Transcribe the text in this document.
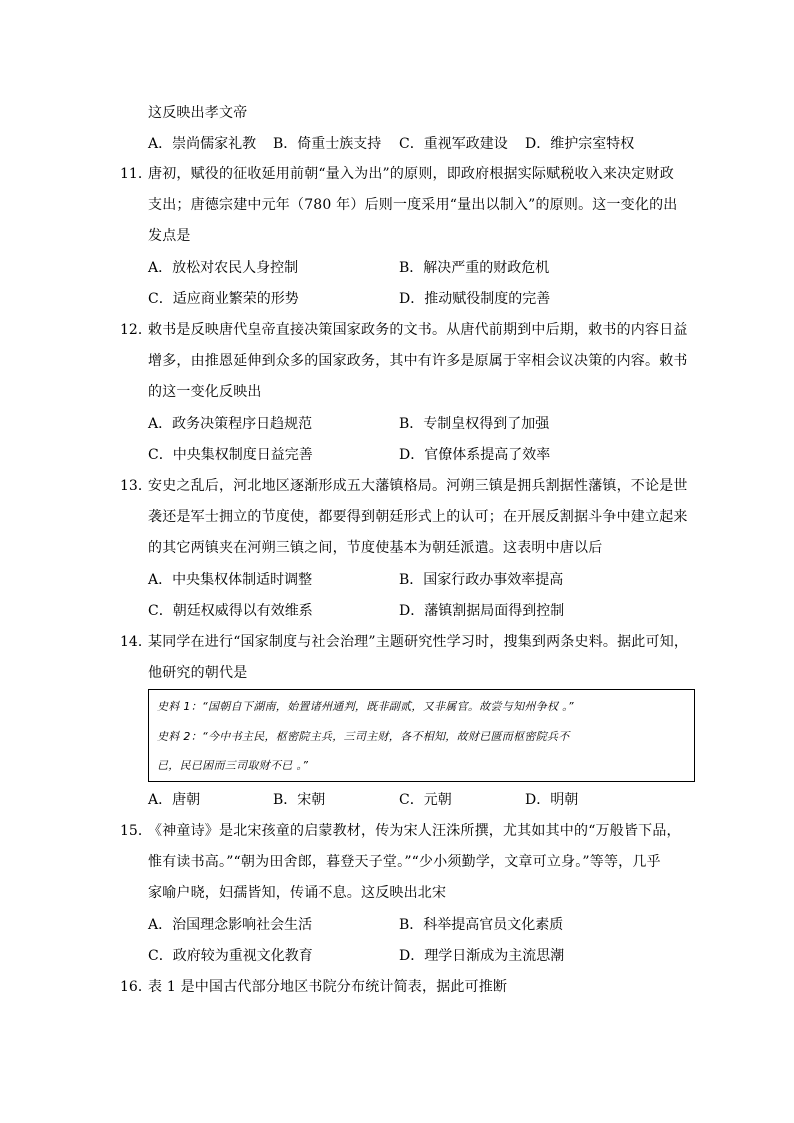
这反映出孝文帝
A．崇尚儒家礼教 B．倚重士族支持 C．重视军政建设 D．维护宗室特权
11．
唐初，赋役的征收延用前朝“量入为出”的原则，即政府根据实际赋税收入来决定财政
支出；唐德宗建中元年（780 年）后则一度采用“量出以制入”的原则。这一变化的出
发点是
A．放松对农民人身控制	B．解决严重的财政危机
C．适应商业繁荣的形势	D．推动赋役制度的完善
12．
敕书是反映唐代皇帝直接决策国家政务的文书。从唐代前期到中后期，敕书的内容日益
增多，由推恩延伸到众多的国家政务，其中有许多是原属于宰相会议决策的内容。敕书
的这一变化反映出
A．政务决策程序日趋规范	B．专制皇权得到了加强
C．中央集权制度日益完善	D．官僚体系提高了效率
13．
安史之乱后，河北地区逐渐形成五大藩镇格局。河朔三镇是拥兵割据性藩镇，不论是世
袭还是军士拥立的节度使，都要得到朝廷形式上的认可；在开展反割据斗争中建立起来
的其它两镇夹在河朔三镇之间，节度使基本为朝廷派遣。这表明中唐以后
A．中央集权体制适时调整	B．国家行政办事效率提高
C．朝廷权威得以有效维系	D．藩镇割据局面得到控制
14．
某同学在进行“国家制度与社会治理”主题研究性学习时，搜集到两条史料。据此可知，
他研究的朝代是
史料 1：“国朝自下湖南，始置诸州通判，既非副贰，又非属官。故尝与知州争权 。”
史料 2：“今中书主民，枢密院主兵，三司主财，各不相知，故财已匮而枢密院兵不
已，民已困而三司取财不已 。”
A．唐朝	B．宋朝	C．元朝	D．明朝
15．
《神童诗》是北宋孩童的启蒙教材，传为宋人汪洙所撰，尤其如其中的“万般皆下品，
惟有读书高。”“朝为田舍郎，暮登天子堂。”“少小须勤学，文章可立身。”等等，几乎
家喻户晓，妇孺皆知，传诵不息。这反映出北宋
A．治国理念影响社会生活	B．科举提高官员文化素质
C．政府较为重视文化教育	D．理学日渐成为主流思潮
16．
表 1 是中国古代部分地区书院分布统计简表，据此可推断
